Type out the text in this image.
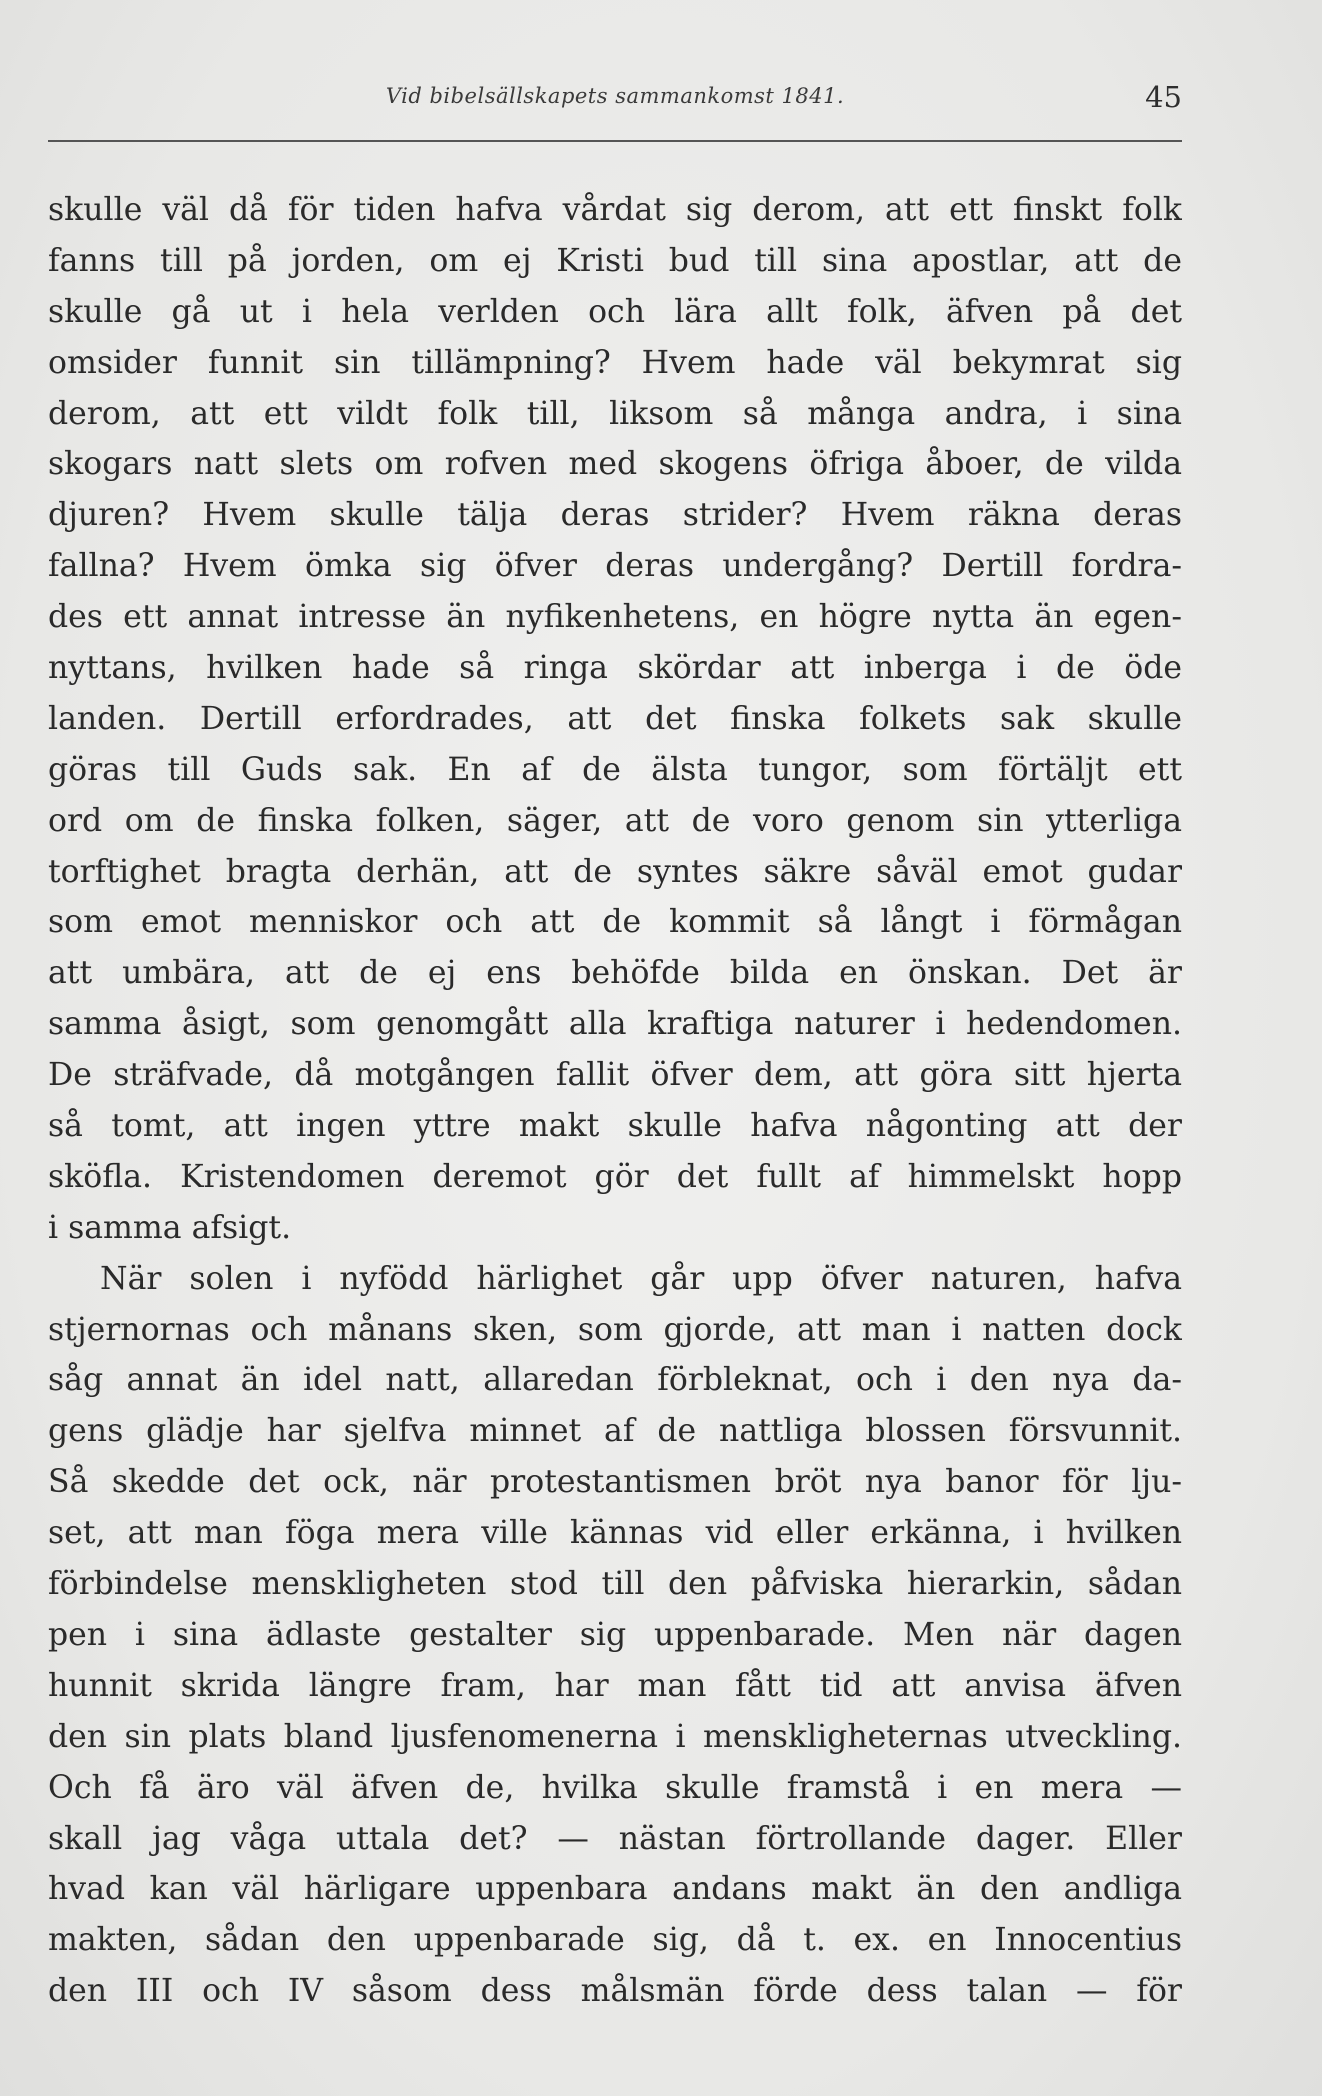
Vid bibelsällskapets sammankomst 1841.	45
skulle väl då för tiden hafva vårdat sig derom, att ett finskt folk
fanns till på jorden, om ej Kristi bud till sina apostlar, att de
skulle gå ut i hela verlden och lära allt folk, äfven på det
omsider funnit sin tillämpning? Hvem hade väl bekymrat sig
derom, att ett vildt folk till, liksom så många andra, i sina
skogars natt slets om rofven med skogens öfriga åboer, de vilda
djuren? Hvem skulle tälja deras strider? Hvem räkna deras
fallna? Hvem ömka sig öfver deras undergång? Dertill fordra-
des ett annat intresse än nyfikenhetens, en högre nytta än egen-
nyttans, hvilken hade så ringa skördar att inberga i de öde
landen. Dertill erfordrades, att det finska folkets sak skulle
göras till Guds sak. En af de älsta tungor, som förtäljt ett
ord om de finska folken, säger, att de voro genom sin ytterliga
torftighet bragta derhän, att de syntes säkre såväl emot gudar
som emot menniskor och att de kommit så långt i förmågan
att umbära, att de ej ens behöfde bilda en önskan. Det är
samma åsigt, som genomgått alla kraftiga naturer i hedendomen.
De sträfvade, då motgången fallit öfver dem, att göra sitt hjerta
så tomt, att ingen yttre makt skulle hafva någonting att der
sköfla. Kristendomen deremot gör det fullt af himmelskt hopp
i samma afsigt.
När solen i nyfödd härlighet går upp öfver naturen, hafva
stjernornas och månans sken, som gjorde, att man i natten dock
såg annat än idel natt, allaredan förbleknat, och i den nya da-
gens glädje har sjelfva minnet af de nattliga blossen försvunnit.
Så skedde det ock, när protestantismen bröt nya banor för lju-
set, att man föga mera ville kännas vid eller erkänna, i hvilken
förbindelse menskligheten stod till den påfviska hierarkin, sådan
pen i sina ädlaste gestalter sig uppenbarade. Men när dagen
hunnit skrida längre fram, har man fått tid att anvisa äfven
den sin plats bland ljusfenomenerna i menskligheternas utveckling.
Och få äro väl äfven de, hvilka skulle framstå i en mera —
skall jag våga uttala det? — nästan förtrollande dager. Eller
hvad kan väl härligare uppenbara andans makt än den andliga
makten, sådan den uppenbarade sig, då t. ex. en Innocentius
den III och IV såsom dess målsmän förde dess talan — för
